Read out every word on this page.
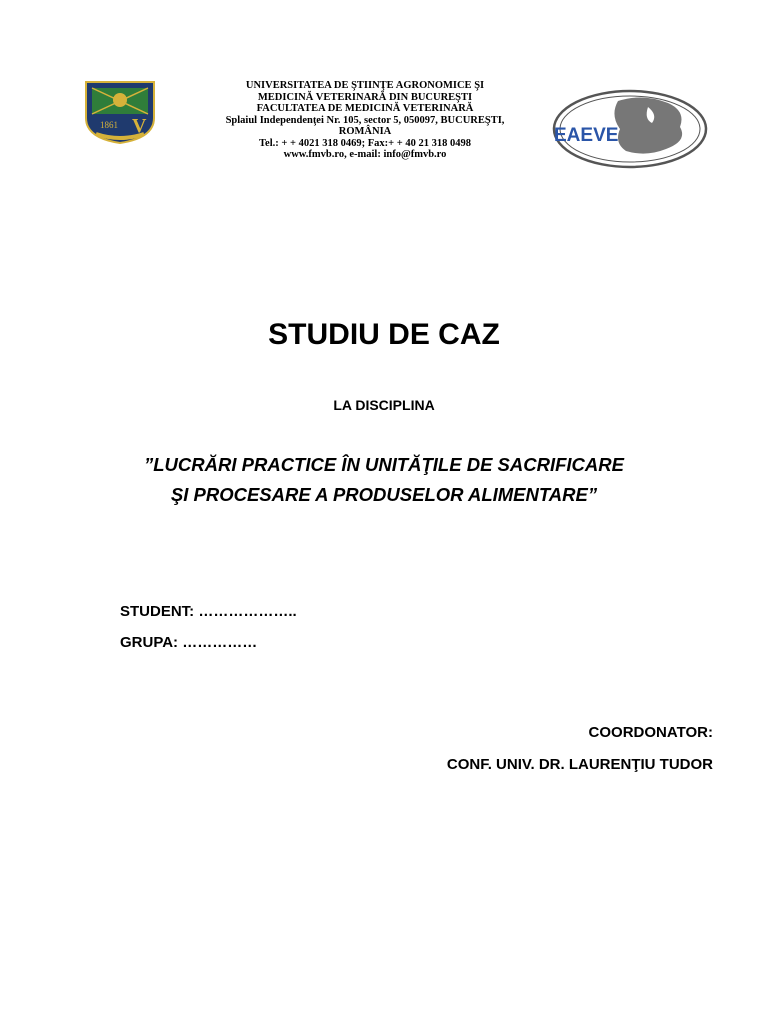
V
1861
UNIVERSITATEA DE ŞTIINŢE AGRONOMICE ŞI
MEDICINĂ VETERINARĂ DIN BUCUREŞTI
FACULTATEA DE MEDICINĂ VETERINARĂ
Splaiul Independenţei Nr. 105, sector 5, 050097, BUCUREŞTI,
ROMÂNIA
Tel.: + + 4021 318 0469; Fax:+ + 40 21 318 0498
www.fmvb.ro, e-mail: info@fmvb.ro
EAEVE
STUDIU DE CAZ
LA DISCIPLINA
”LUCRĂRI PRACTICE ÎN UNITĂŢILE DE SACRIFICARE
ŞI PROCESARE A PRODUSELOR ALIMENTARE”
STUDENT: ………………..
GRUPA: ……………
COORDONATOR:
CONF. UNIV. DR. LAURENŢIU TUDOR
